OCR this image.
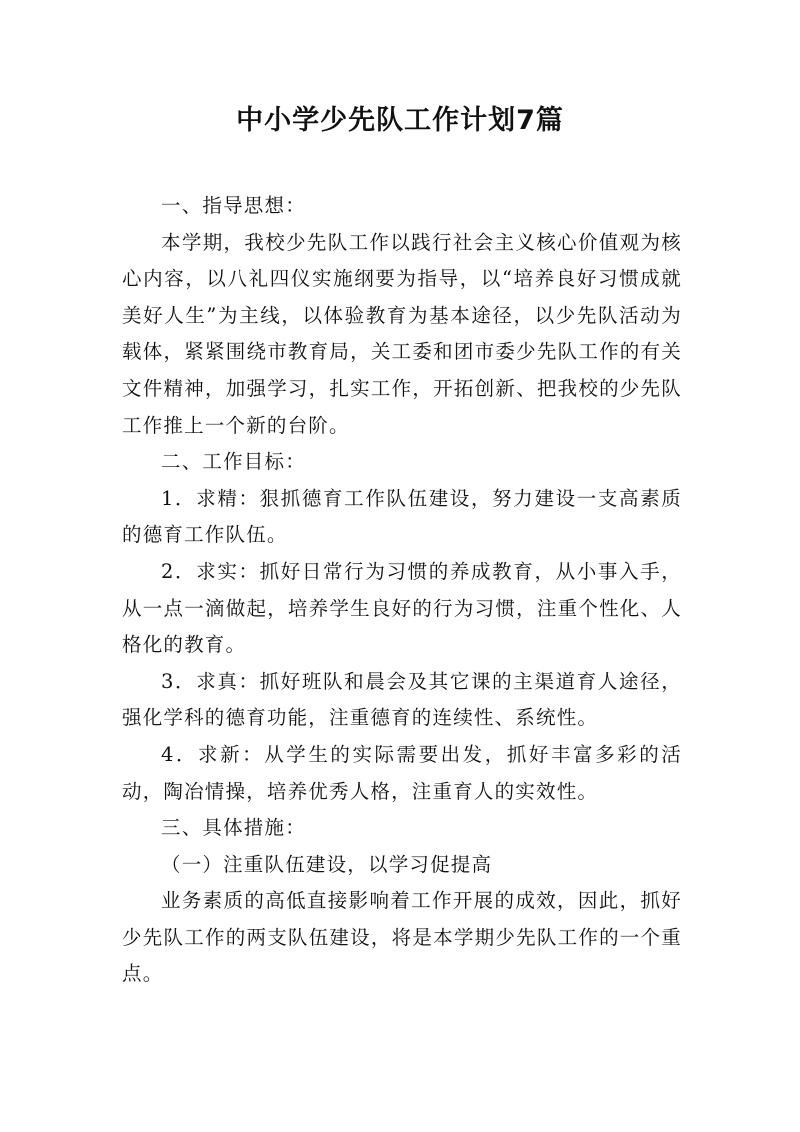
中小学少先队工作计划7篇

一、指导思想：

本学期，我校少先队工作以践行社会主义核心价值观为核心内容，以八礼四仪实施纲要为指导，以“培养良好习惯成就美好人生”为主线，以体验教育为基本途径，以少先队活动为载体，紧紧围绕市教育局，关工委和团市委少先队工作的有关文件精神，加强学习，扎实工作，开拓创新、把我校的少先队工作推上一个新的台阶。

二、工作目标：

1．求精：狠抓德育工作队伍建设，努力建设一支高素质的德育工作队伍。

2．求实：抓好日常行为习惯的养成教育，从小事入手，从一点一滴做起，培养学生良好的行为习惯，注重个性化、人格化的教育。

3．求真：抓好班队和晨会及其它课的主渠道育人途径，强化学科的德育功能，注重德育的连续性、系统性。

4．求新：从学生的实际需要出发，抓好丰富多彩的活动，陶冶情操，培养优秀人格，注重育人的实效性。

三、具体措施：

（一）注重队伍建设，以学习促提高

业务素质的高低直接影响着工作开展的成效，因此，抓好少先队工作的两支队伍建设，将是本学期少先队工作的一个重点。
